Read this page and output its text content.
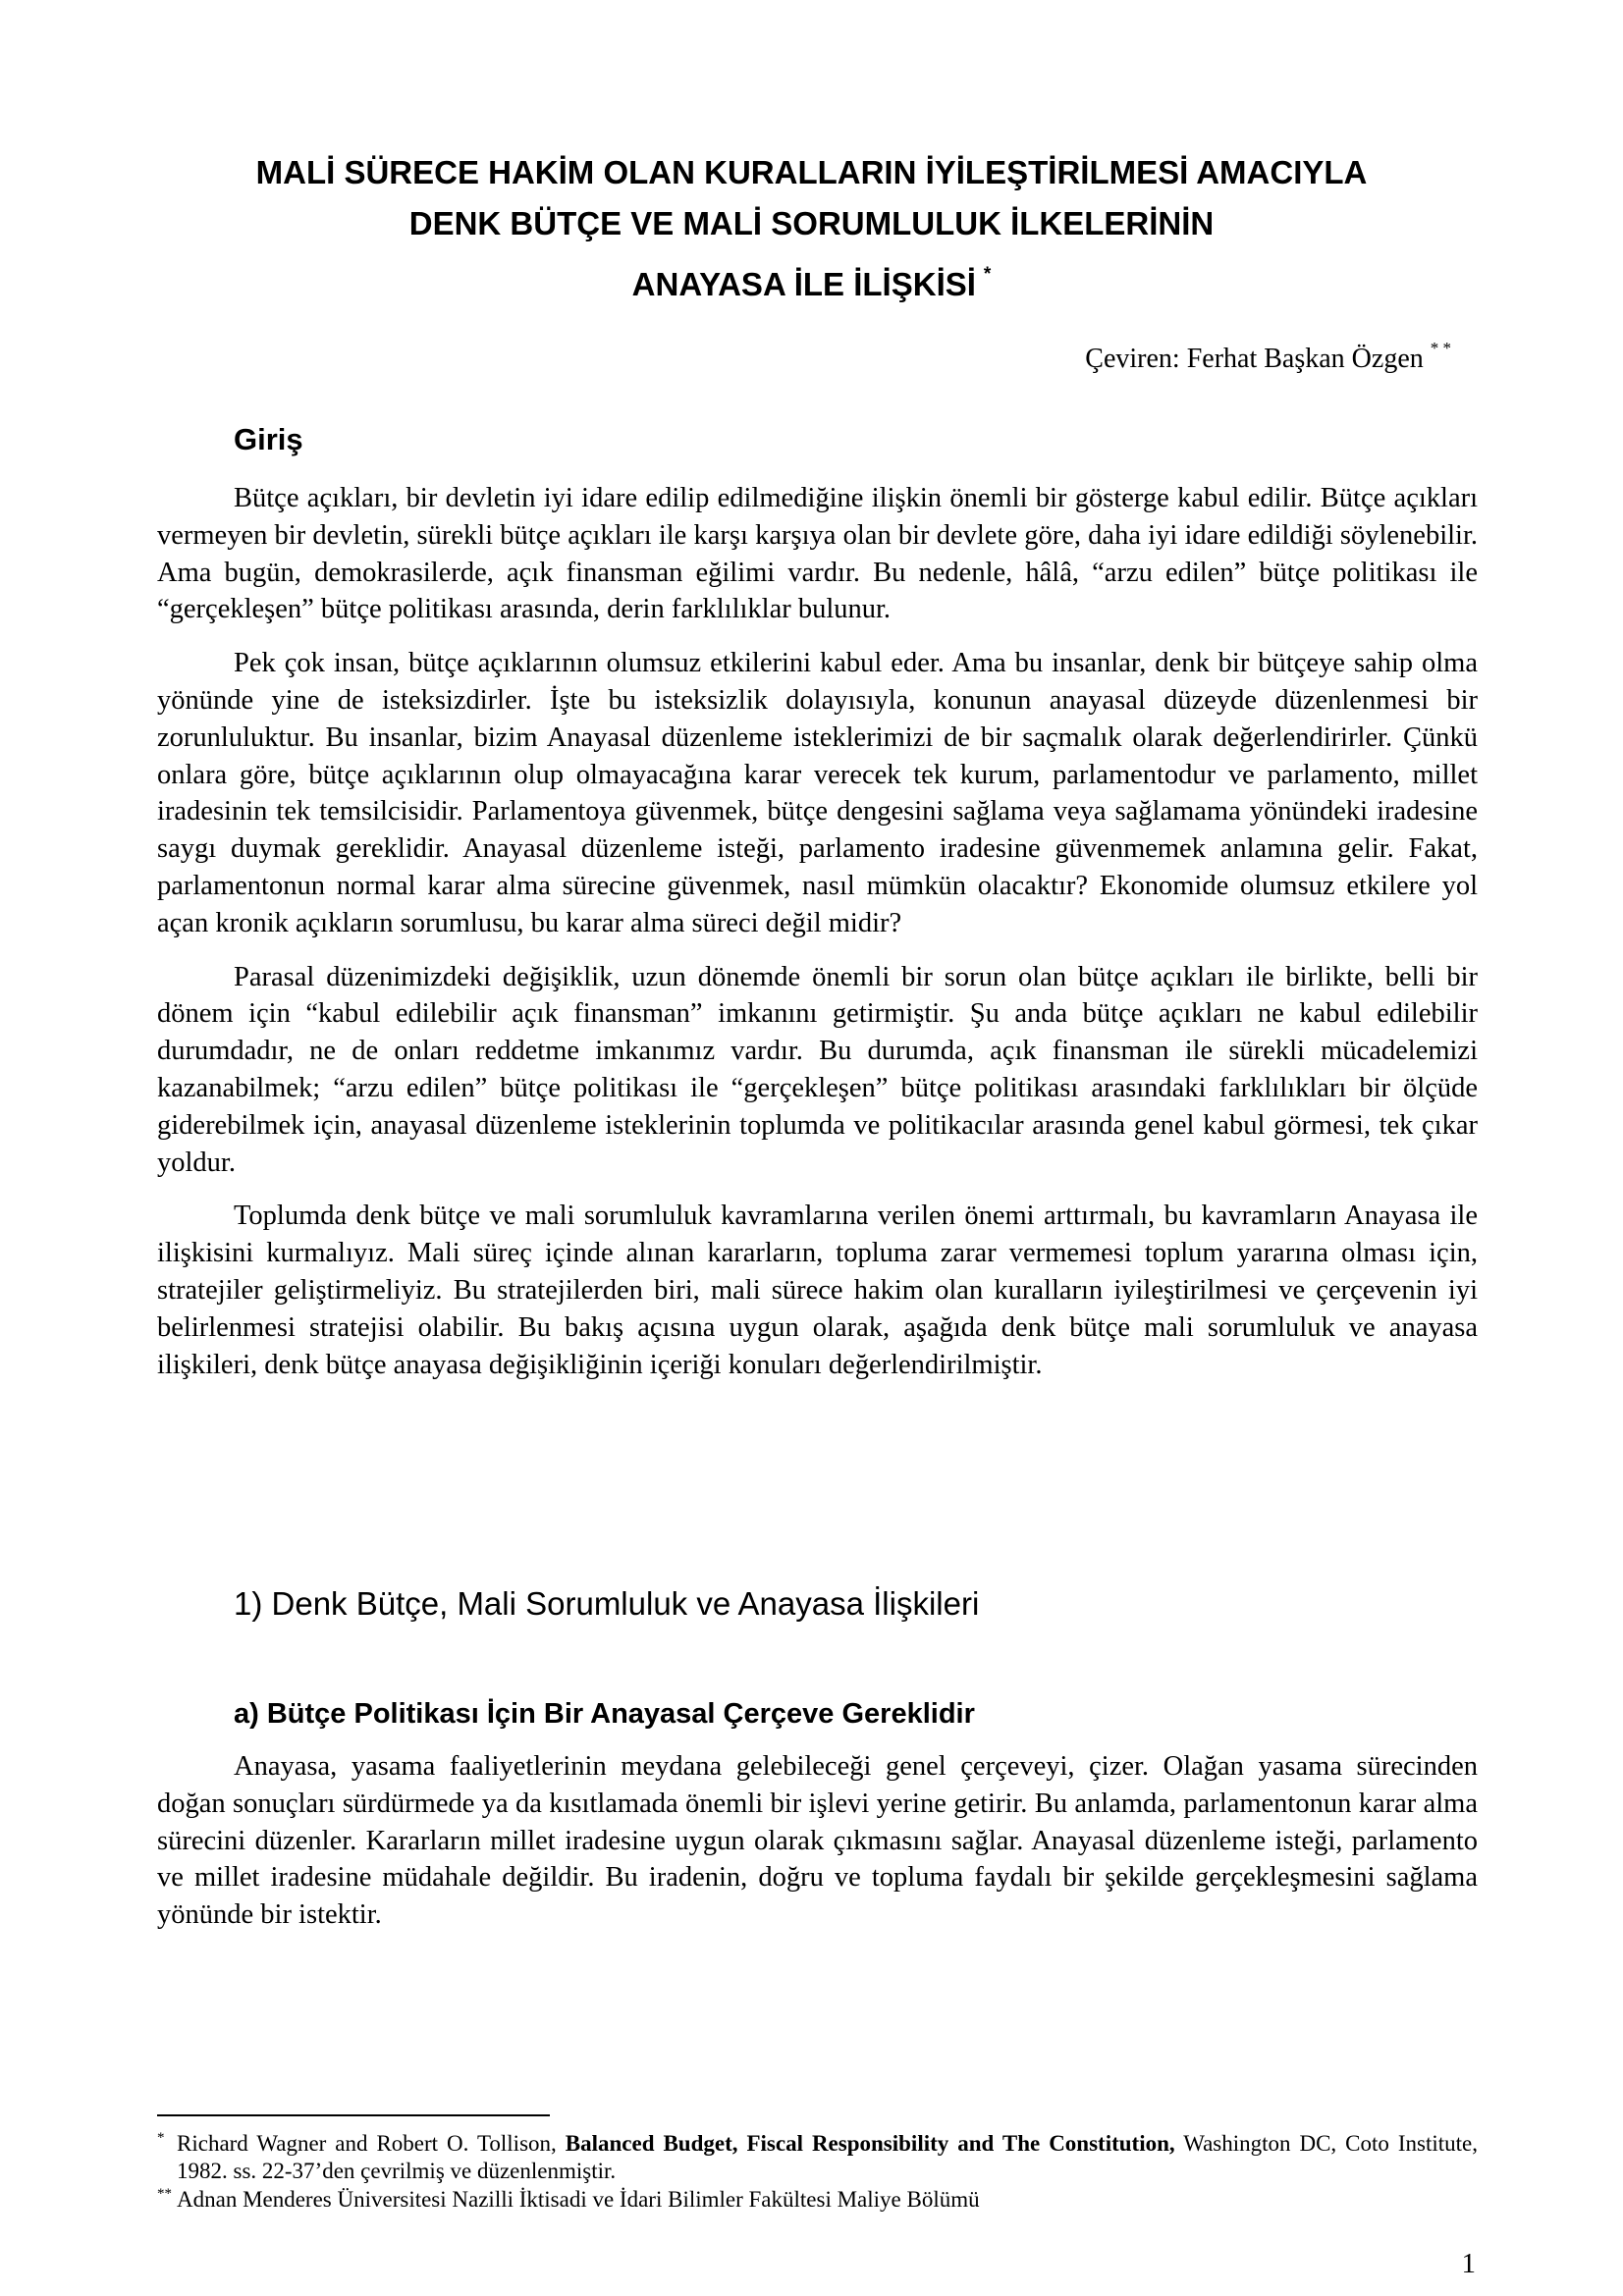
MALİ SÜRECE HAKİM OLAN KURALLARIN İYİLEŞTİRİLMESİ AMACIYLA
DENK BÜTÇE VE MALİ SORUMLULUK İLKELERİNİN
ANAYASA İLE İLİŞKİSİ *
Çeviren: Ferhat Başkan Özgen * *
Giriş

Bütçe açıkları, bir devletin iyi idare edilip edilmediğine ilişkin önemli bir gösterge kabul edilir. Bütçe açıkları vermeyen bir devletin, sürekli bütçe açıkları ile karşı karşıya olan bir devlete göre, daha iyi idare edildiği söylenebilir. Ama bugün, demokrasilerde, açık finansman eğilimi vardır. Bu nedenle, hâlâ, “arzu edilen” bütçe politikası ile “gerçekleşen” bütçe politikası arasında, derin farklılıklar bulunur.

Pek çok insan, bütçe açıklarının olumsuz etkilerini kabul eder. Ama bu insanlar, denk bir bütçeye sahip olma yönünde yine de isteksizdirler. İşte bu isteksizlik dolayısıyla, konunun anayasal düzeyde düzenlenmesi bir zorunluluktur. Bu insanlar, bizim Anayasal düzenleme isteklerimizi de bir saçmalık olarak değerlendirirler. Çünkü onlara göre, bütçe açıklarının olup olmayacağına karar verecek tek kurum, parlamentodur ve parlamento, millet iradesinin tek temsilcisidir. Parlamentoya güvenmek, bütçe dengesini sağlama veya sağlamama yönündeki iradesine saygı duymak gereklidir. Anayasal düzenleme isteği, parlamento iradesine güvenmemek anlamına gelir. Fakat, parlamentonun normal karar alma sürecine güvenmek, nasıl mümkün olacaktır? Ekonomide olumsuz etkilere yol açan kronik açıkların sorumlusu, bu karar alma süreci değil midir?

Parasal düzenimizdeki değişiklik, uzun dönemde önemli bir sorun olan bütçe açıkları ile birlikte, belli bir dönem için “kabul edilebilir açık finansman” imkanını getirmiştir. Şu anda bütçe açıkları ne kabul edilebilir durumdadır, ne de onları reddetme imkanımız vardır. Bu durumda, açık finansman ile sürekli mücadelemizi kazanabilmek; “arzu edilen” bütçe politikası ile “gerçekleşen” bütçe politikası arasındaki farklılıkları bir ölçüde giderebilmek için, anayasal düzenleme isteklerinin toplumda ve politikacılar arasında genel kabul görmesi, tek çıkar yoldur.

Toplumda denk bütçe ve mali sorumluluk kavramlarına verilen önemi arttırmalı, bu kavramların Anayasa ile ilişkisini kurmalıyız. Mali süreç içinde alınan kararların, topluma zarar vermemesi toplum yararına olması için, stratejiler geliştirmeliyiz. Bu stratejilerden biri, mali sürece hakim olan kuralların iyileştirilmesi ve çerçevenin iyi belirlenmesi stratejisi olabilir. Bu bakış açısına uygun olarak, aşağıda denk bütçe mali sorumluluk ve anayasa ilişkileri, denk bütçe anayasa değişikliğinin içeriği konuları değerlendirilmiştir.

1) Denk Bütçe, Mali Sorumluluk ve Anayasa İlişkileri
a) Bütçe Politikası İçin Bir Anayasal Çerçeve Gereklidir

Anayasa, yasama faaliyetlerinin meydana gelebileceği genel çerçeveyi, çizer. Olağan yasama sürecinden doğan sonuçları sürdürmede ya da kısıtlamada önemli bir işlevi yerine getirir. Bu anlamda, parlamentonun karar alma sürecini düzenler. Kararların millet iradesine uygun olarak çıkmasını sağlar. Anayasal düzenleme isteği, parlamento ve millet iradesine müdahale değildir. Bu iradenin, doğru ve topluma faydalı bir şekilde gerçekleşmesini sağlama yönünde bir istektir.

* Richard Wagner and Robert O. Tollison, Balanced Budget, Fiscal Responsibility and The Constitution, Washington DC, Coto Institute, 1982. ss. 22-37’den çevrilmiş ve düzenlenmiştir.
** Adnan Menderes Üniversitesi Nazilli İktisadi ve İdari Bilimler Fakültesi Maliye Bölümü
1
